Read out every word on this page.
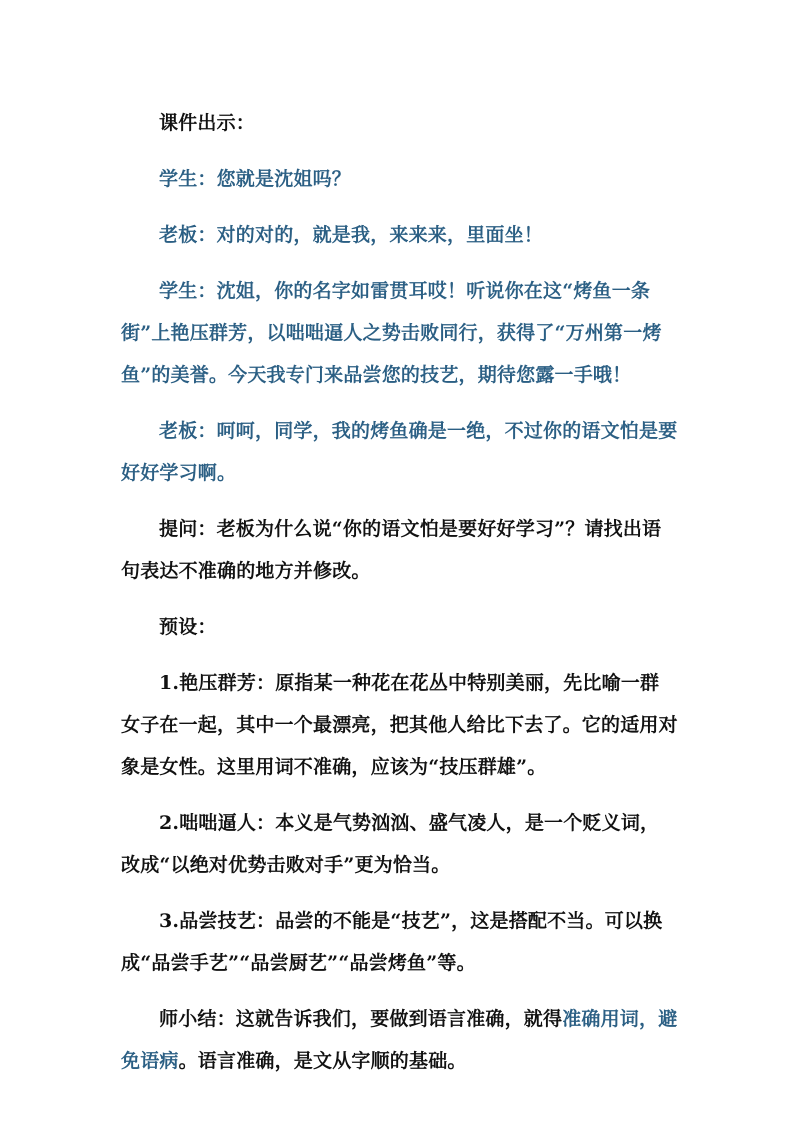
课件出示：

学生：您就是沈姐吗？

老板：对的对的，就是我，来来来，里面坐！

学生：沈姐，你的名字如雷贯耳哎！听说你在这“烤鱼一条街”上艳压群芳，以咄咄逼人之势击败同行，获得了“万州第一烤鱼”的美誉。今天我专门来品尝您的技艺，期待您露一手哦！

老板：呵呵，同学，我的烤鱼确是一绝，不过你的语文怕是要好好学习啊。

提问：老板为什么说“你的语文怕是要好好学习”？请找出语句表达不准确的地方并修改。

预设：

1.艳压群芳：原指某一种花在花丛中特别美丽，先比喻一群女子在一起，其中一个最漂亮，把其他人给比下去了。它的适用对象是女性。这里用词不准确，应该为“技压群雄”。

2.咄咄逼人：本义是气势汹汹、盛气凌人，是一个贬义词，改成“以绝对优势击败对手”更为恰当。

3.品尝技艺：品尝的不能是“技艺”，这是搭配不当。可以换成“品尝手艺”“品尝厨艺”“品尝烤鱼”等。

师小结：这就告诉我们，要做到语言准确，就得准确用词，避免语病。语言准确，是文从字顺的基础。
